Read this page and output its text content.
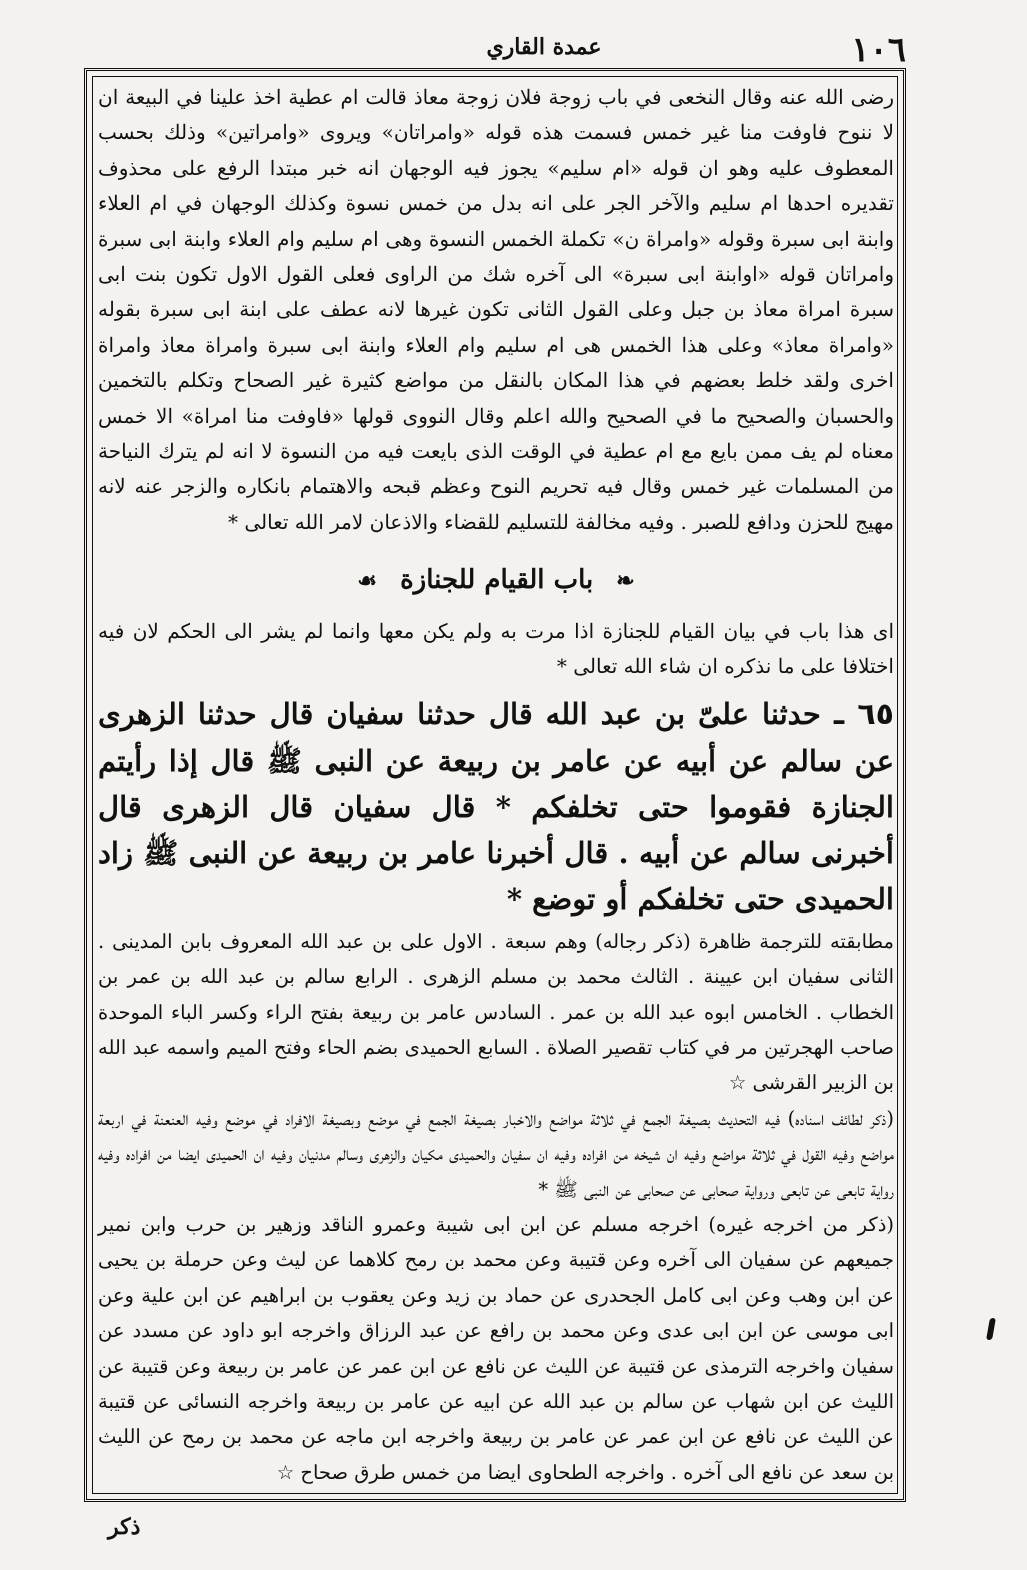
عمدة القاري	١٠٦

رضى الله عنه وقال النخعى في باب زوجة فلان زوجة معاذ قالت ام عطية اخذ علينا في البيعة ان لا ننوح فاوفت منا غير خمس فسمت هذه قوله «وامراتان» ويروى «وامراتين» وذلك بحسب المعطوف عليه وهو ان قوله «ام سليم» يجوز فيه الوجهان انه خبر مبتدا الرفع على محذوف تقديره احدها ام سليم والآخر الجر على انه بدل من خمس نسوة وكذلك الوجهان في ام العلاء وابنة ابى سبرة وقوله «وامراة ن» تكملة الخمس النسوة وهى ام سليم وام العلاء وابنة ابى سبرة وامراتان قوله «اوابنة ابى سبرة» الى آخره شك من الراوى فعلى القول الاول تكون بنت ابى سبرة امراة معاذ بن جبل وعلى القول الثانى تكون غيرها لانه عطف على ابنة ابى سبرة بقوله «وامراة معاذ» وعلى هذا الخمس هى ام سليم وام العلاء وابنة ابى سبرة وامراة معاذ وامراة اخرى ولقد خلط بعضهم في هذا المكان بالنقل من مواضع كثيرة غير الصحاح وتكلم بالتخمين والحسبان والصحيح ما في الصحيح والله اعلم وقال النووى قولها «فاوفت منا امراة» الا خمس معناه لم يف ممن بايع مع ام عطية في الوقت الذى بايعت فيه من النسوة لا انه لم يترك النياحة من المسلمات غير خمس وقال فيه تحريم النوح وعظم قبحه والاهتمام بانكاره والزجر عنه لانه مهيج للحزن ودافع للصبر . وفيه مخالفة للتسليم للقضاء والاذعان لامر الله تعالى *

❧ باب القيام للجنازة ☙

اى هذا باب في بيان القيام للجنازة اذا مرت به ولم يكن معها وانما لم يشر الى الحكم لان فيه اختلافا على ما نذكره ان شاء الله تعالى *

٦٥ ـ حدثنا علىّ بن عبد الله قال حدثنا سفيان قال حدثنا الزهرى عن سالم عن أبيه عن عامر بن ربيعة عن النبى ﷺ قال إذا رأيتم الجنازة فقوموا حتى تخلفكم * قال سفيان قال الزهرى قال أخبرنى سالم عن أبيه . قال أخبرنا عامر بن ربيعة عن النبى ﷺ زاد الحميدى حتى تخلفكم أو توضع *

مطابقته للترجمة ظاهرة (ذكر رجاله) وهم سبعة . الاول على بن عبد الله المعروف بابن المدينى . الثانى سفيان ابن عيينة . الثالث محمد بن مسلم الزهرى . الرابع سالم بن عبد الله بن عمر بن الخطاب . الخامس ابوه عبد الله بن عمر . السادس عامر بن ربيعة بفتح الراء وكسر الباء الموحدة صاحب الهجرتين مر في كتاب تقصير الصلاة . السابع الحميدى بضم الحاء وفتح الميم واسمه عبد الله بن الزبير القرشى ☆

(ذكر لطائف اسناده) فيه التحديث بصيغة الجمع في ثلاثة مواضع والاخبار بصيغة الجمع في موضع وبصيغة الافراد في موضع وفيه العنعنة في اربعة مواضع وفيه القول في ثلاثة مواضع وفيه ان شيخه من افراده وفيه ان سفيان والحميدى مكيان والزهرى وسالم مدنيان وفيه ان الحميدى ايضا من افراده وفيه رواية تابعى عن تابعى ورواية صحابى عن صحابى عن النبى ﷺ *

(ذكر من اخرجه غيره) اخرجه مسلم عن ابن ابى شيبة وعمرو الناقد وزهير بن حرب وابن نمير جميعهم عن سفيان الى آخره وعن قتيبة وعن محمد بن رمح كلاهما عن ليث وعن حرملة بن يحيى عن ابن وهب وعن ابى كامل الجحدرى عن حماد بن زيد وعن يعقوب بن ابراهيم عن ابن علية وعن ابى موسى عن ابن ابى عدى وعن محمد بن رافع عن عبد الرزاق واخرجه ابو داود عن مسدد عن سفيان واخرجه الترمذى عن قتيبة عن الليث عن نافع عن ابن عمر عن عامر بن ربيعة وعن قتيبة عن الليث عن ابن شهاب عن سالم بن عبد الله عن ابيه عن عامر بن ربيعة واخرجه النسائى عن قتيبة عن الليث عن نافع عن ابن عمر عن عامر بن ربيعة واخرجه ابن ماجه عن محمد بن رمح عن الليث بن سعد عن نافع الى آخره . واخرجه الطحاوى ايضا من خمس طرق صحاح ☆

ذكر
